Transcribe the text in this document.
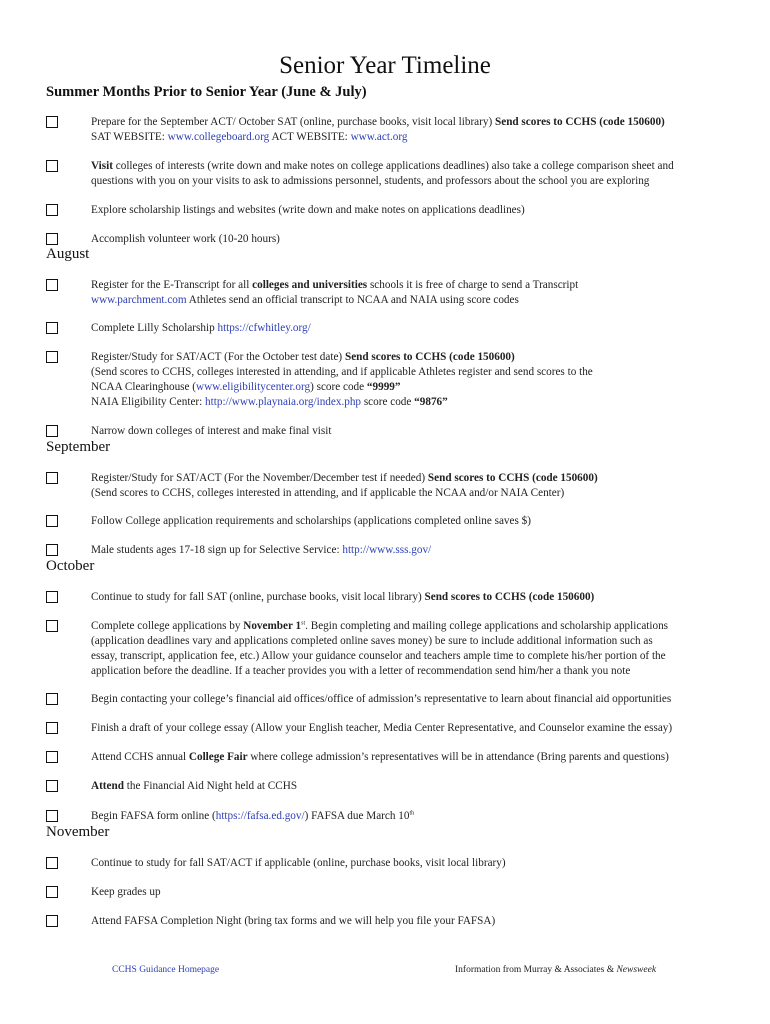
Senior Year Timeline
Summer Months Prior to Senior Year (June & July)
Prepare for the September ACT/ October SAT (online, purchase books, visit local library) Send scores to CCHS (code 150600)
SAT WEBSITE: www.collegeboard.org ACT WEBSITE: www.act.org
Visit colleges of interests (write down and make notes on college applications deadlines) also take a college comparison sheet and
questions with you on your visits to ask to admissions personnel, students, and professors about the school you are exploring
Explore scholarship listings and websites (write down and make notes on applications deadlines)
Accomplish volunteer work (10-20 hours)
August
Register for the E-Transcript for all colleges and universities schools it is free of charge to send a Transcript
www.parchment.com Athletes send an official transcript to NCAA and NAIA using score codes
Complete Lilly Scholarship https://cfwhitley.org/
Register/Study for SAT/ACT (For the October test date) Send scores to CCHS (code 150600)
(Send scores to CCHS, colleges interested in attending, and if applicable Athletes register and send scores to the
NCAA Clearinghouse (www.eligibilitycenter.org) score code “9999”
NAIA Eligibility Center: http://www.playnaia.org/index.php score code “9876”
Narrow down colleges of interest and make final visit
September
Register/Study for SAT/ACT (For the November/December test if needed) Send scores to CCHS (code 150600)
(Send scores to CCHS, colleges interested in attending, and if applicable the NCAA and/or NAIA Center)
Follow College application requirements and scholarships (applications completed online saves $)
Male students ages 17-18 sign up for Selective Service: http://www.sss.gov/
October
Continue to study for fall SAT (online, purchase books, visit local library) Send scores to CCHS (code 150600)
Complete college applications by November 1st. Begin completing and mailing college applications and scholarship applications
(application deadlines vary and applications completed online saves money) be sure to include additional information such as
essay, transcript, application fee, etc.) Allow your guidance counselor and teachers ample time to complete his/her portion of the
application before the deadline. If a teacher provides you with a letter of recommendation send him/her a thank you note
Begin contacting your college’s financial aid offices/office of admission’s representative to learn about financial aid opportunities
Finish a draft of your college essay (Allow your English teacher, Media Center Representative, and Counselor examine the essay)
Attend CCHS annual College Fair where college admission’s representatives will be in attendance (Bring parents and questions)
Attend the Financial Aid Night held at CCHS
Begin FAFSA form online (https://fafsa.ed.gov/) FAFSA due March 10th
November
Continue to study for fall SAT/ACT if applicable (online, purchase books, visit local library)
Keep grades up
Attend FAFSA Completion Night (bring tax forms and we will help you file your FAFSA)
CCHS Guidance Homepage	Information from Murray & Associates & Newsweek
